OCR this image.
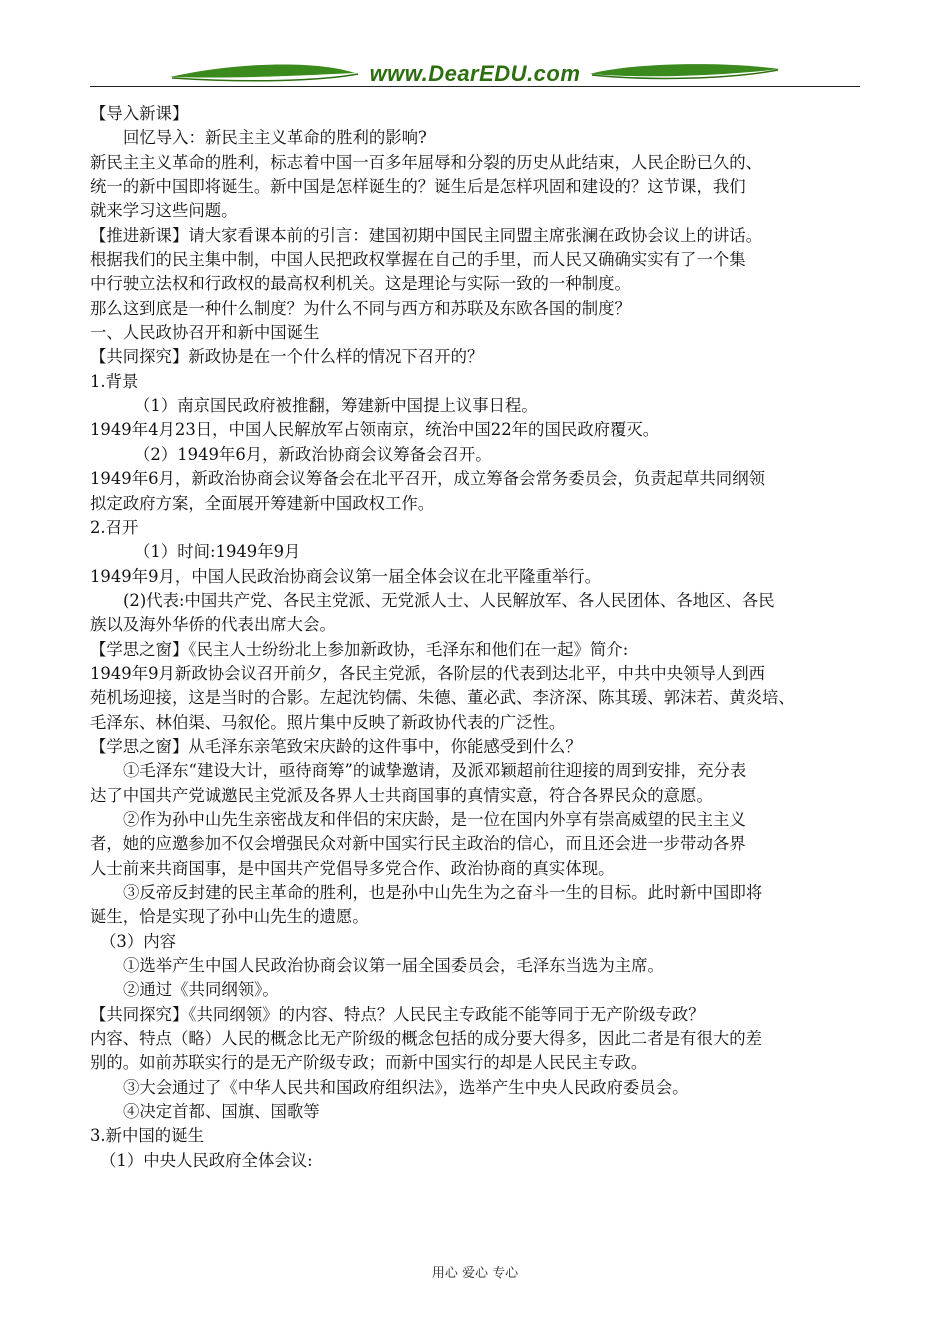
www.DearEDU.com
【导入新课】
回忆导入：新民主主义革命的胜利的影响?
新民主主义革命的胜利，标志着中国一百多年屈辱和分裂的历史从此结束，人民企盼已久的、
统一的新中国即将诞生。新中国是怎样诞生的？诞生后是怎样巩固和建设的？这节课，我们
就来学习这些问题。
【推进新课】请大家看课本前的引言：建国初期中国民主同盟主席张澜在政协会议上的讲话。
根据我们的民主集中制，中国人民把政权掌握在自己的手里，而人民又确确实实有了一个集
中行驶立法权和行政权的最高权利机关。这是理论与实际一致的一种制度。
那么这到底是一种什么制度？为什么不同与西方和苏联及东欧各国的制度？
一、人民政协召开和新中国诞生
【共同探究】新政协是在一个什么样的情况下召开的？
1.背景
（1）南京国民政府被推翻，筹建新中国提上议事日程。
1949年4月23日，中国人民解放军占领南京，统治中国22年的国民政府覆灭。
（2）1949年6月，新政治协商会议筹备会召开。
1949年6月，新政治协商会议筹备会在北平召开，成立筹备会常务委员会，负责起草共同纲领
拟定政府方案，全面展开筹建新中国政权工作。
2.召开
（1）时间:1949年9月
1949年9月，中国人民政治协商会议第一届全体会议在北平隆重举行。
(2)代表:中国共产党、各民主党派、无党派人士、人民解放军、各人民团体、各地区、各民
族以及海外华侨的代表出席大会。
【学思之窗】《民主人士纷纷北上参加新政协，毛泽东和他们在一起》简介:
1949年9月新政协会议召开前夕，各民主党派，各阶层的代表到达北平，中共中央领导人到西
苑机场迎接，这是当时的合影。左起沈钧儒、朱德、董必武、李济深、陈其瑗、郭沫若、黄炎培、
毛泽东、林伯渠、马叙伦。照片集中反映了新政协代表的广泛性。
【学思之窗】从毛泽东亲笔致宋庆龄的这件事中，你能感受到什么？
①毛泽东“建设大计，亟待商筹”的诚挚邀请，及派邓颖超前往迎接的周到安排，充分表
达了中国共产党诚邀民主党派及各界人士共商国事的真情实意，符合各界民众的意愿。
②作为孙中山先生亲密战友和伴侣的宋庆龄，是一位在国内外享有崇高威望的民主主义
者，她的应邀参加不仅会增强民众对新中国实行民主政治的信心，而且还会进一步带动各界
人士前来共商国事，是中国共产党倡导多党合作、政治协商的真实体现。
③反帝反封建的民主革命的胜利，也是孙中山先生为之奋斗一生的目标。此时新中国即将
诞生，恰是实现了孙中山先生的遗愿。
（3）内容
①选举产生中国人民政治协商会议第一届全国委员会，毛泽东当选为主席。
②通过《共同纲领》。
【共同探究】《共同纲领》的内容、特点？人民民主专政能不能等同于无产阶级专政？
内容、特点（略）人民的概念比无产阶级的概念包括的成分要大得多，因此二者是有很大的差
别的。如前苏联实行的是无产阶级专政；而新中国实行的却是人民民主专政。
③大会通过了《中华人民共和国政府组织法》，选举产生中央人民政府委员会。
④决定首都、国旗、国歌等
3.新中国的诞生
（1）中央人民政府全体会议:
用心 爱心 专心
